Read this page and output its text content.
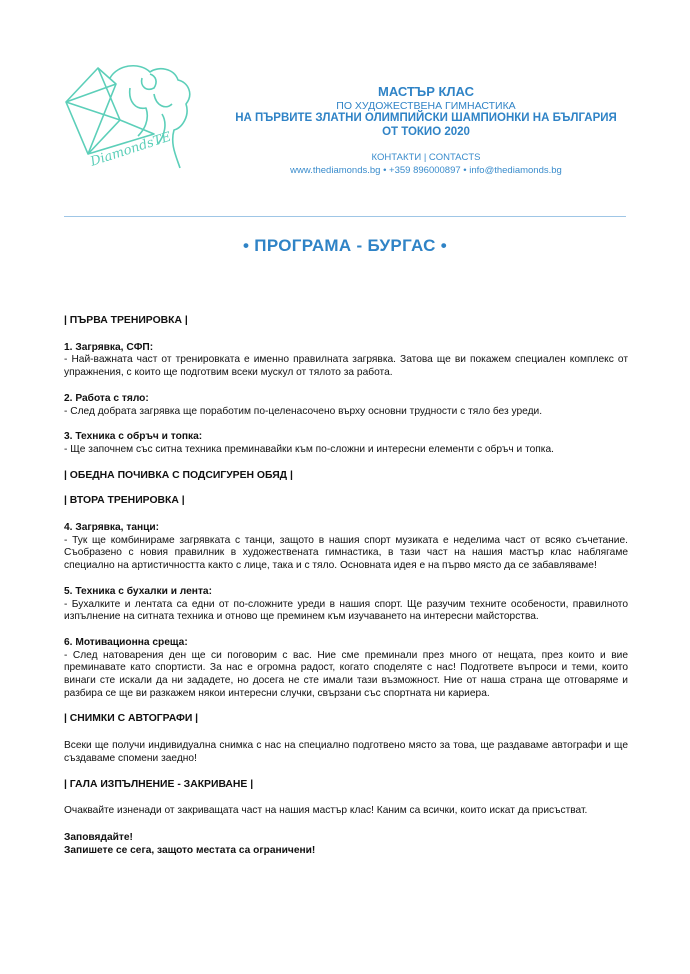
DiamondsTE
МАСТЪР КЛАС
ПО ХУДОЖЕСТВЕНА ГИМНАСТИКА
НА ПЪРВИТЕ ЗЛАТНИ ОЛИМПИЙСКИ ШАМПИОНКИ НА БЪЛГАРИЯ
ОТ ТОКИО 2020
КОНТАКТИ | CONTACTS
www.thediamonds.bg • +359 896000897 • info@thediamonds.bg
• ПРОГРАМА - БУРГАС •

| ПЪРВА ТРЕНИРОВКА |

1. Загрявка, СФП:

- Най-важната част от тренировката е именно правилната загрявка. Затова ще ви покажем специален комплекс от упражнения, с които ще подготвим всеки мускул от тялото за работа.

2. Работа с тяло:

- След добрата загрявка ще поработим по-целенасочено върху основни трудности с тяло без уреди.

3. Техника с обръч и топка:

- Ще започнем със ситна техника преминавайки към по-сложни и интересни елементи с обръч и топка.

| ОБЕДНА ПОЧИВКА С ПОДСИГУРЕН ОБЯД |

| ВТОРА ТРЕНИРОВКА |

4. Загрявка, танци:

- Тук ще комбинираме загрявката с танци, защото в нашия спорт музиката е неделима част от всяко съчетание. Съобразено с новия правилник в художествената гимнастика, в тази част на нашия мастър клас наблягаме специално на артистичността както с лице, така и с тяло. Основната идея е на първо място да се забавляваме!

5. Техника с бухалки и лента:

- Бухалките и лентата са едни от по-сложните уреди в нашия спорт. Ще разучим техните особености, правилното изпълнение на ситната техника и отново ще преминем към изучаването на интересни майсторства.

6. Мотивационна среща:

- След натоварения ден ще си поговорим с вас. Ние сме преминали през много от нещата, през които и вие преминавате като спортисти. За нас е огромна радост, когато споделяте с нас! Подгответе въпроси и теми, които винаги сте искали да ни зададете, но досега не сте имали тази възможност. Ние от наша страна ще отговаряме и разбира се ще ви разкажем някои интересни случки, свързани със спортната ни кариера.

| СНИМКИ С АВТОГРАФИ |

Всеки ще получи индивидуална снимка с нас на специално подготвено място за това, ще раздаваме автографи и ще създаваме спомени заедно!

| ГАЛА ИЗПЪЛНЕНИЕ - ЗАКРИВАНЕ |

Очаквайте изненади от закриващата част на нашия мастър клас! Каним са всички, които искат да присъстват.

Заповядайте!

Запишете се сега, защото местата са ограничени!
